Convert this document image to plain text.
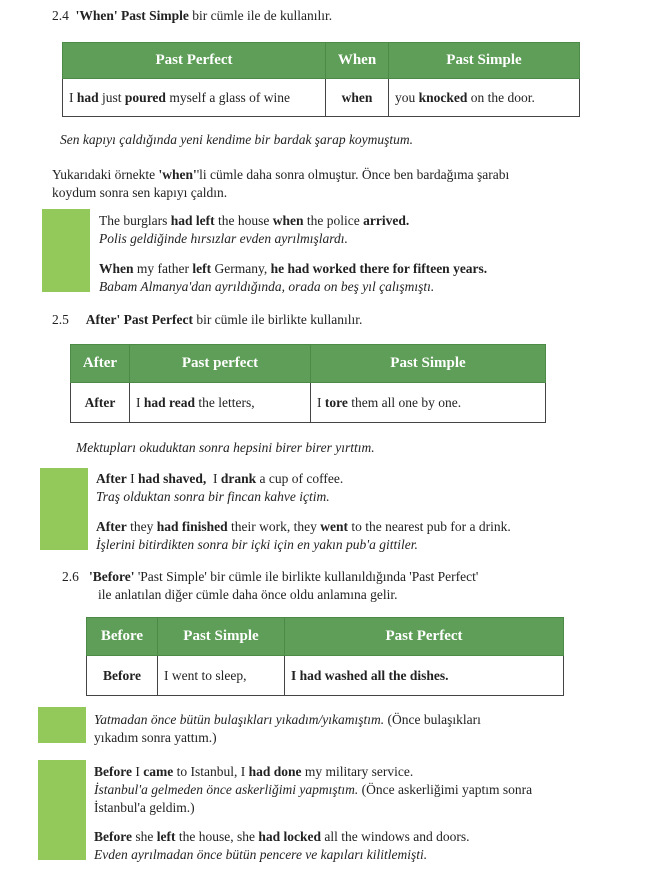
2.4 'When' Past Simple bir cümle ile de kullanılır.
Past Perfect	When	Past Simple
I had just poured myself a glass of wine	when	you knocked on the door.
Sen kapıyı çaldığında yeni kendime bir bardak şarap koymuştum.
Yukarıdaki örnekte 'when''li cümle daha sonra olmuştur. Önce ben bardağıma şarabı
koydum sonra sen kapıyı çaldın.
The burglars had left the house when the police arrived.
Polis geldiğinde hırsızlar evden ayrılmışlardı.
When my father left Germany, he had worked there for fifteen years.
Babam Almanya'dan ayrıldığında, orada on beş yıl çalışmıştı.
2.5 After' Past Perfect bir cümle ile birlikte kullanılır.
After	Past perfect	Past Simple
After	I had read the letters,	I tore them all one by one.
Mektupları okuduktan sonra hepsini birer birer yırttım.
After I had shaved, I drank a cup of coffee.
Traş olduktan sonra bir fincan kahve içtim.
After they had finished their work, they went to the nearest pub for a drink.
İşlerini bitirdikten sonra bir içki için en yakın pub'a gittiler.
2.6 'Before' 'Past Simple' bir cümle ile birlikte kullanıldığında 'Past Perfect'
ile anlatılan diğer cümle daha önce oldu anlamına gelir.
Before	Past Simple	Past Perfect
Before	I went to sleep,	I had washed all the dishes.
Yatmadan önce bütün bulaşıkları yıkadım/yıkamıştım. (Önce bulaşıkları
yıkadım sonra yattım.)
Before I came to Istanbul, I had done my military service.
İstanbul'a gelmeden önce askerliğimi yapmıştım. (Önce askerliğimi yaptım sonra
İstanbul'a geldim.)
Before she left the house, she had locked all the windows and doors.
Evden ayrılmadan önce bütün pencere ve kapıları kilitlemişti.
